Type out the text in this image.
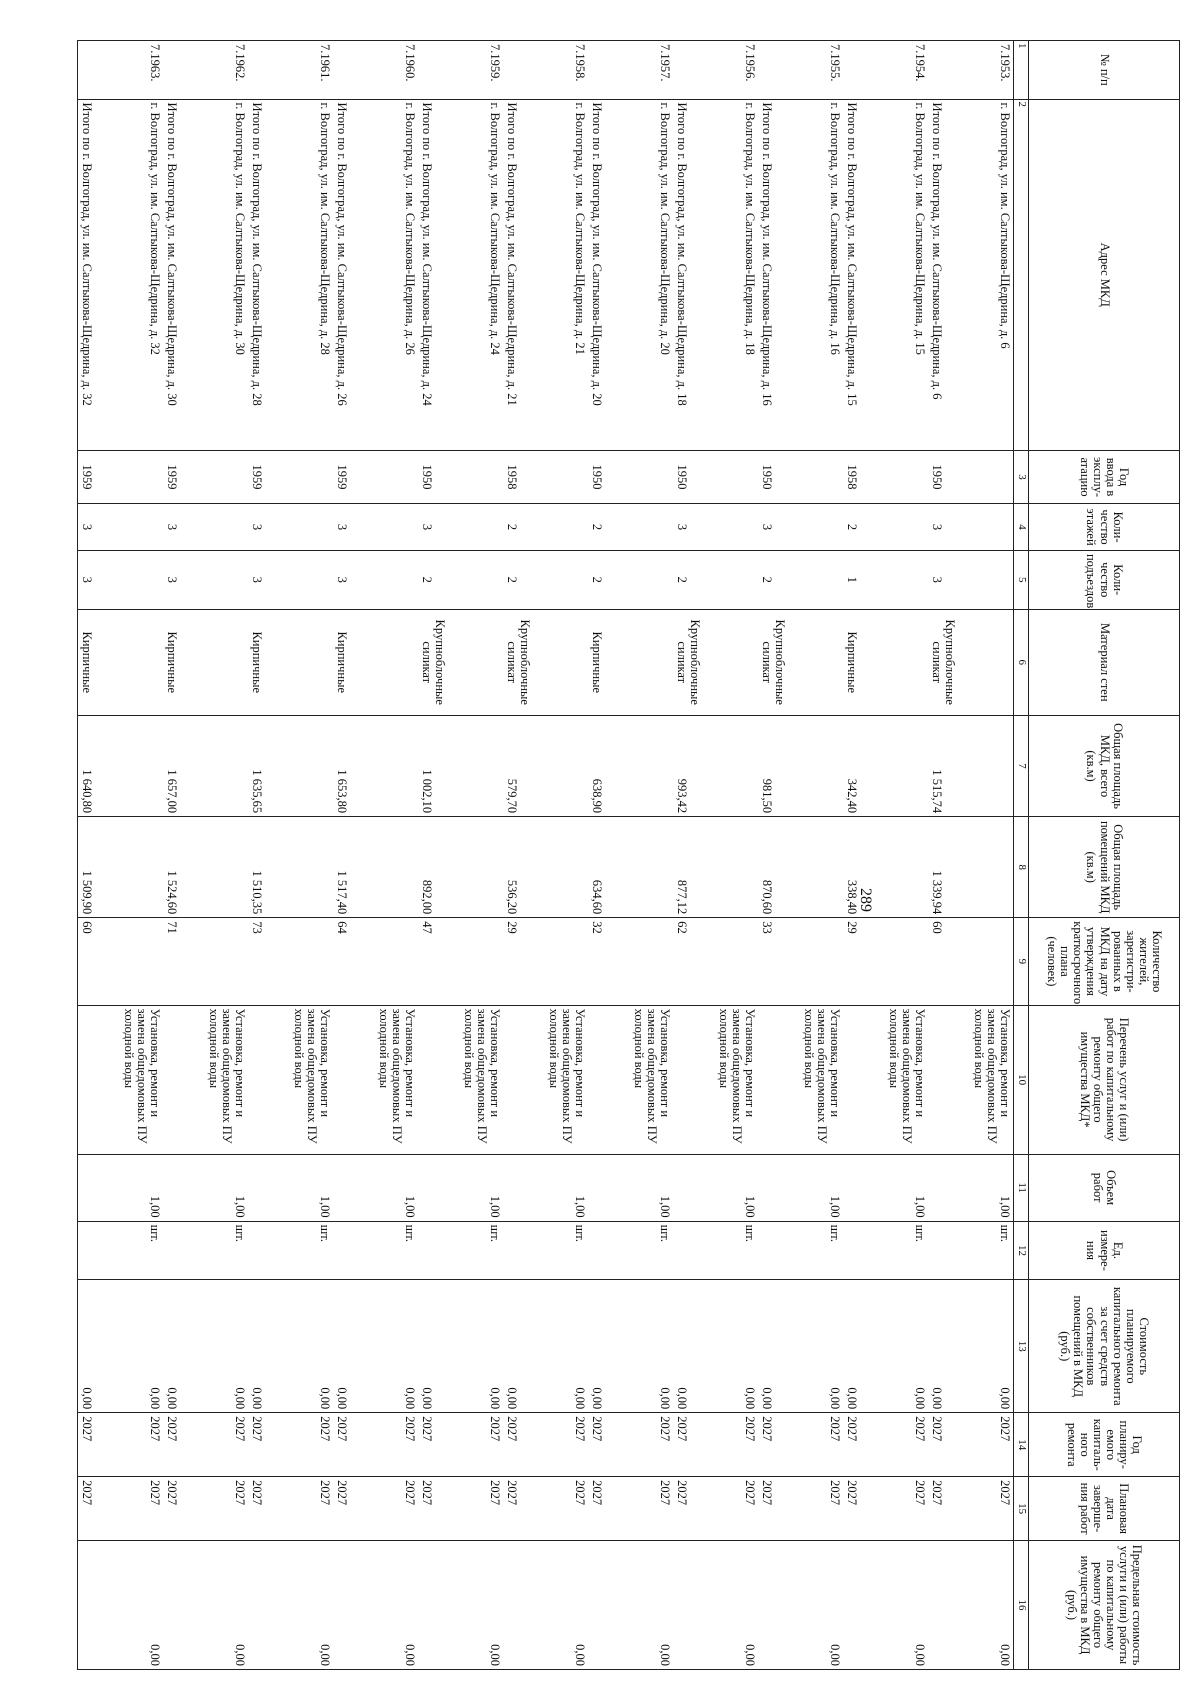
289
№ п/п	Адрес МКД	Год ввода в эксплу-атацию	Коли-чество этажей	Коли-чество подъездов	Материал стен	Общая площадь МКД, всего (кв.м)	Общая площадь помещений МКД (кв.м)	Количество жителей, зарегистри-рованных в МКД на дату утверждения краткосрочного плана (человек)	Перечень услуг и (или) работ по капитальному ремонту общего имущества МКД*	Объем работ	Ед. измере-ния	Стоимость планируемого капитального ремонта за счет средств собственников помещений в МКД (руб.)	Год планиру-емого капиталь-ного ремонта	Плановая дата заверше-ния работ	Предельная стоимость услуги и (или) работы по капитальному ремонту общего имущества в МКД (руб.)
1	2	3	4	5	6	7	8	9	10	11	12	13	14	15	16
7.1953.	г. Волгоград, ул. им. Салтыкова-Щедрина, д. 6								Установка, ремонт и замена общедомовых ПУ холодной воды	1,00	шт.	0,00	2027	2027	0,00
	Итого по г. Волгоград, ул. им. Салтыкова-Щедрина, д. 6	1950	3	3	Крупноблочные силикат	1 515,74	1 339,94	60				0,00	2027	2027	
7.1954.	г. Волгоград, ул. им. Салтыкова-Щедрина, д. 15								Установка, ремонт и замена общедомовых ПУ холодной воды	1,00	шт.	0,00	2027	2027	0,00
	Итого по г. Волгоград, ул. им. Салтыкова-Щедрина, д. 15	1958	2	1	Кирпичные	342,40	338,40	29				0,00	2027	2027	
7.1955.	г. Волгоград, ул. им. Салтыкова-Щедрина, д. 16								Установка, ремонт и замена общедомовых ПУ холодной воды	1,00	шт.	0,00	2027	2027	0,00
	Итого по г. Волгоград, ул. им. Салтыкова-Щедрина, д. 16	1950	3	2	Крупноблочные силикат	981,50	870,60	33				0,00	2027	2027	
7.1956.	г. Волгоград, ул. им. Салтыкова-Щедрина, д. 18								Установка, ремонт и замена общедомовых ПУ холодной воды	1,00	шт.	0,00	2027	2027	0,00
	Итого по г. Волгоград, ул. им. Салтыкова-Щедрина, д. 18	1950	3	2	Крупноблочные силикат	993,42	877,12	62				0,00	2027	2027	
7.1957.	г. Волгоград, ул. им. Салтыкова-Щедрина, д. 20								Установка, ремонт и замена общедомовых ПУ холодной воды	1,00	шт.	0,00	2027	2027	0,00
	Итого по г. Волгоград, ул. им. Салтыкова-Щедрина, д. 20	1950	2	2	Кирпичные	638,90	634,60	32				0,00	2027	2027	
7.1958.	г. Волгоград, ул. им. Салтыкова-Щедрина, д. 21								Установка, ремонт и замена общедомовых ПУ холодной воды	1,00	шт.	0,00	2027	2027	0,00
	Итого по г. Волгоград, ул. им. Салтыкова-Щедрина, д. 21	1958	2	2	Крупноблочные силикат	579,70	536,20	29				0,00	2027	2027	
7.1959.	г. Волгоград, ул. им. Салтыкова-Щедрина, д. 24								Установка, ремонт и замена общедомовых ПУ холодной воды	1,00	шт.	0,00	2027	2027	0,00
	Итого по г. Волгоград, ул. им. Салтыкова-Щедрина, д. 24	1950	3	2	Крупноблочные силикат	1 002,10	892,00	47				0,00	2027	2027	
7.1960.	г. Волгоград, ул. им. Салтыкова-Щедрина, д. 26								Установка, ремонт и замена общедомовых ПУ холодной воды	1,00	шт.	0,00	2027	2027	0,00
	Итого по г. Волгоград, ул. им. Салтыкова-Щедрина, д. 26	1959	3	3	Кирпичные	1 653,80	1 517,40	64				0,00	2027	2027	
7.1961.	г. Волгоград, ул. им. Салтыкова-Щедрина, д. 28								Установка, ремонт и замена общедомовых ПУ холодной воды	1,00	шт.	0,00	2027	2027	0,00
	Итого по г. Волгоград, ул. им. Салтыкова-Щедрина, д. 28	1959	3	3	Кирпичные	1 635,65	1 510,35	73				0,00	2027	2027	
7.1962.	г. Волгоград, ул. им. Салтыкова-Щедрина, д. 30								Установка, ремонт и замена общедомовых ПУ холодной воды	1,00	шт.	0,00	2027	2027	0,00
	Итого по г. Волгоград, ул. им. Салтыкова-Щедрина, д. 30	1959	3	3	Кирпичные	1 657,00	1 524,60	71				0,00	2027	2027	
7.1963.	г. Волгоград, ул. им. Салтыкова-Щедрина, д. 32								Установка, ремонт и замена общедомовых ПУ холодной воды	1,00	шт.	0,00	2027	2027	0,00
	Итого по г. Волгоград, ул. им. Салтыкова-Щедрина, д. 32	1959	3	3	Кирпичные	1 640,80	1 509,90	60				0,00	2027	2027	
